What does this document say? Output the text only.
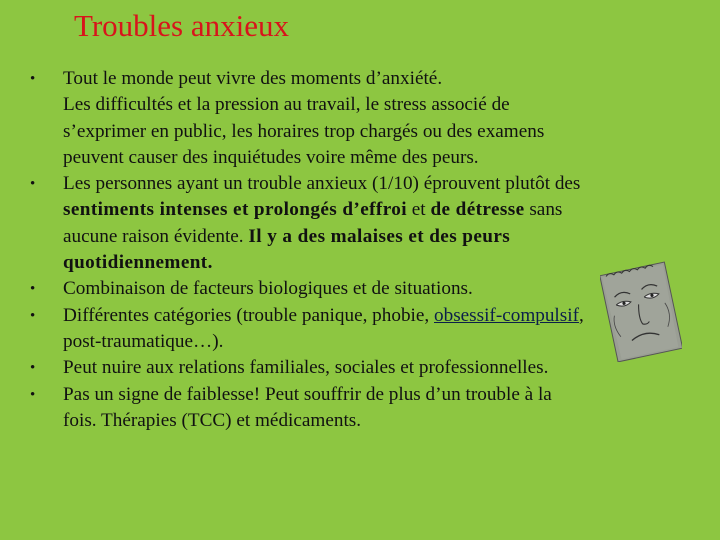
Troubles anxieux
•	Tout le monde peut vivre des moments d’anxiété.
Les difficultés et la pression au travail, le stress associé de
s’exprimer en public, les horaires trop chargés ou des examens
peuvent causer des inquiétudes voire même des peurs.
•	Les personnes ayant un trouble anxieux (1/10) éprouvent plutôt des
sentiments intenses et prolongés d’effroi et de détresse sans
aucune raison évidente. Il y a des malaises et des peurs
quotidiennement.
•	Combinaison de facteurs biologiques et de situations.
•	Différentes catégories (trouble panique, phobie, obsessif-compulsif,
post-traumatique…).
•	Peut nuire aux relations familiales, sociales et professionnelles.
•	Pas un signe de faiblesse! Peut souffrir de plus d’un trouble à la
fois. Thérapies (TCC) et médicaments.
